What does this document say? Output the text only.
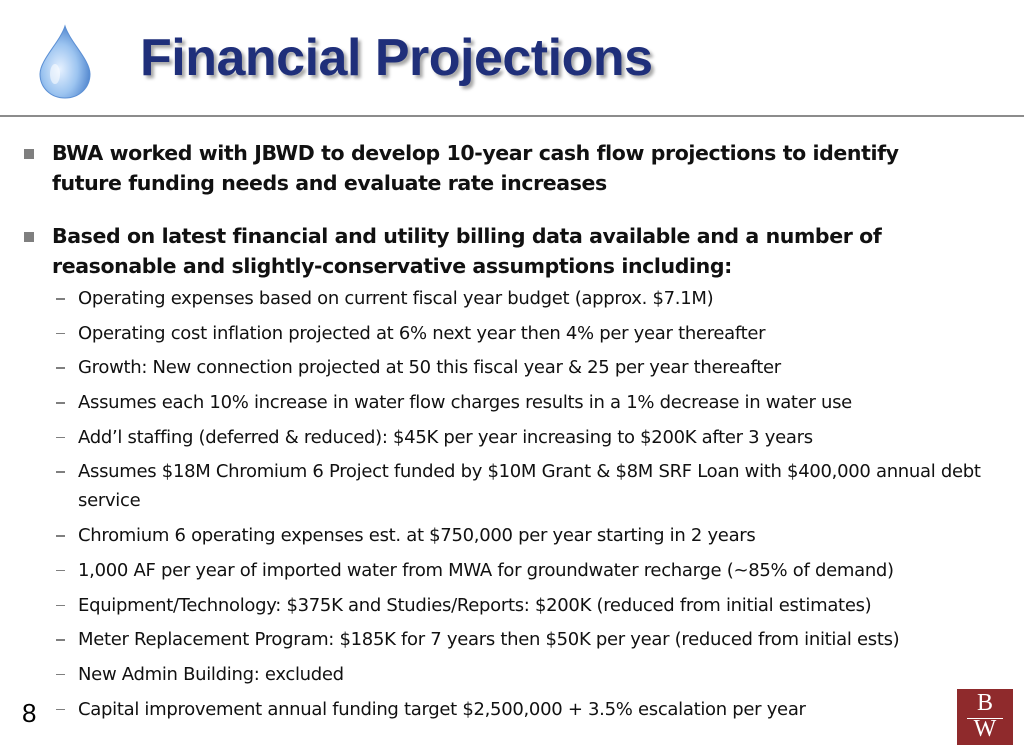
Financial Projections
BWA worked with JBWD to develop 10-year cash flow projections to identify future funding needs and evaluate rate increases
Based on latest financial and utility billing data available and a number of reasonable and slightly-conservative assumptions including:
Operating expenses based on current fiscal year budget (approx. $7.1M)
Operating cost inflation projected at 6% next year then 4% per year thereafter
Growth: New connection projected at 50 this fiscal year & 25 per year thereafter
Assumes each 10% increase in water flow charges results in a 1% decrease in water use
Add’l staffing (deferred & reduced): $45K per year increasing to $200K after 3 years
Assumes $18M Chromium 6 Project funded by $10M Grant & $8M SRF Loan with $400,000 annual debt service
Chromium 6 operating expenses est. at $750,000 per year starting in 2 years
1,000 AF per year of imported water from MWA for groundwater recharge (~85% of demand)
Equipment/Technology: $375K and Studies/Reports: $200K (reduced from initial estimates)
Meter Replacement Program: $185K for 7 years then $50K per year (reduced from initial ests)
New Admin Building: excluded
Capital improvement annual funding target $2,500,000 + 3.5% escalation per year
8	B
W
